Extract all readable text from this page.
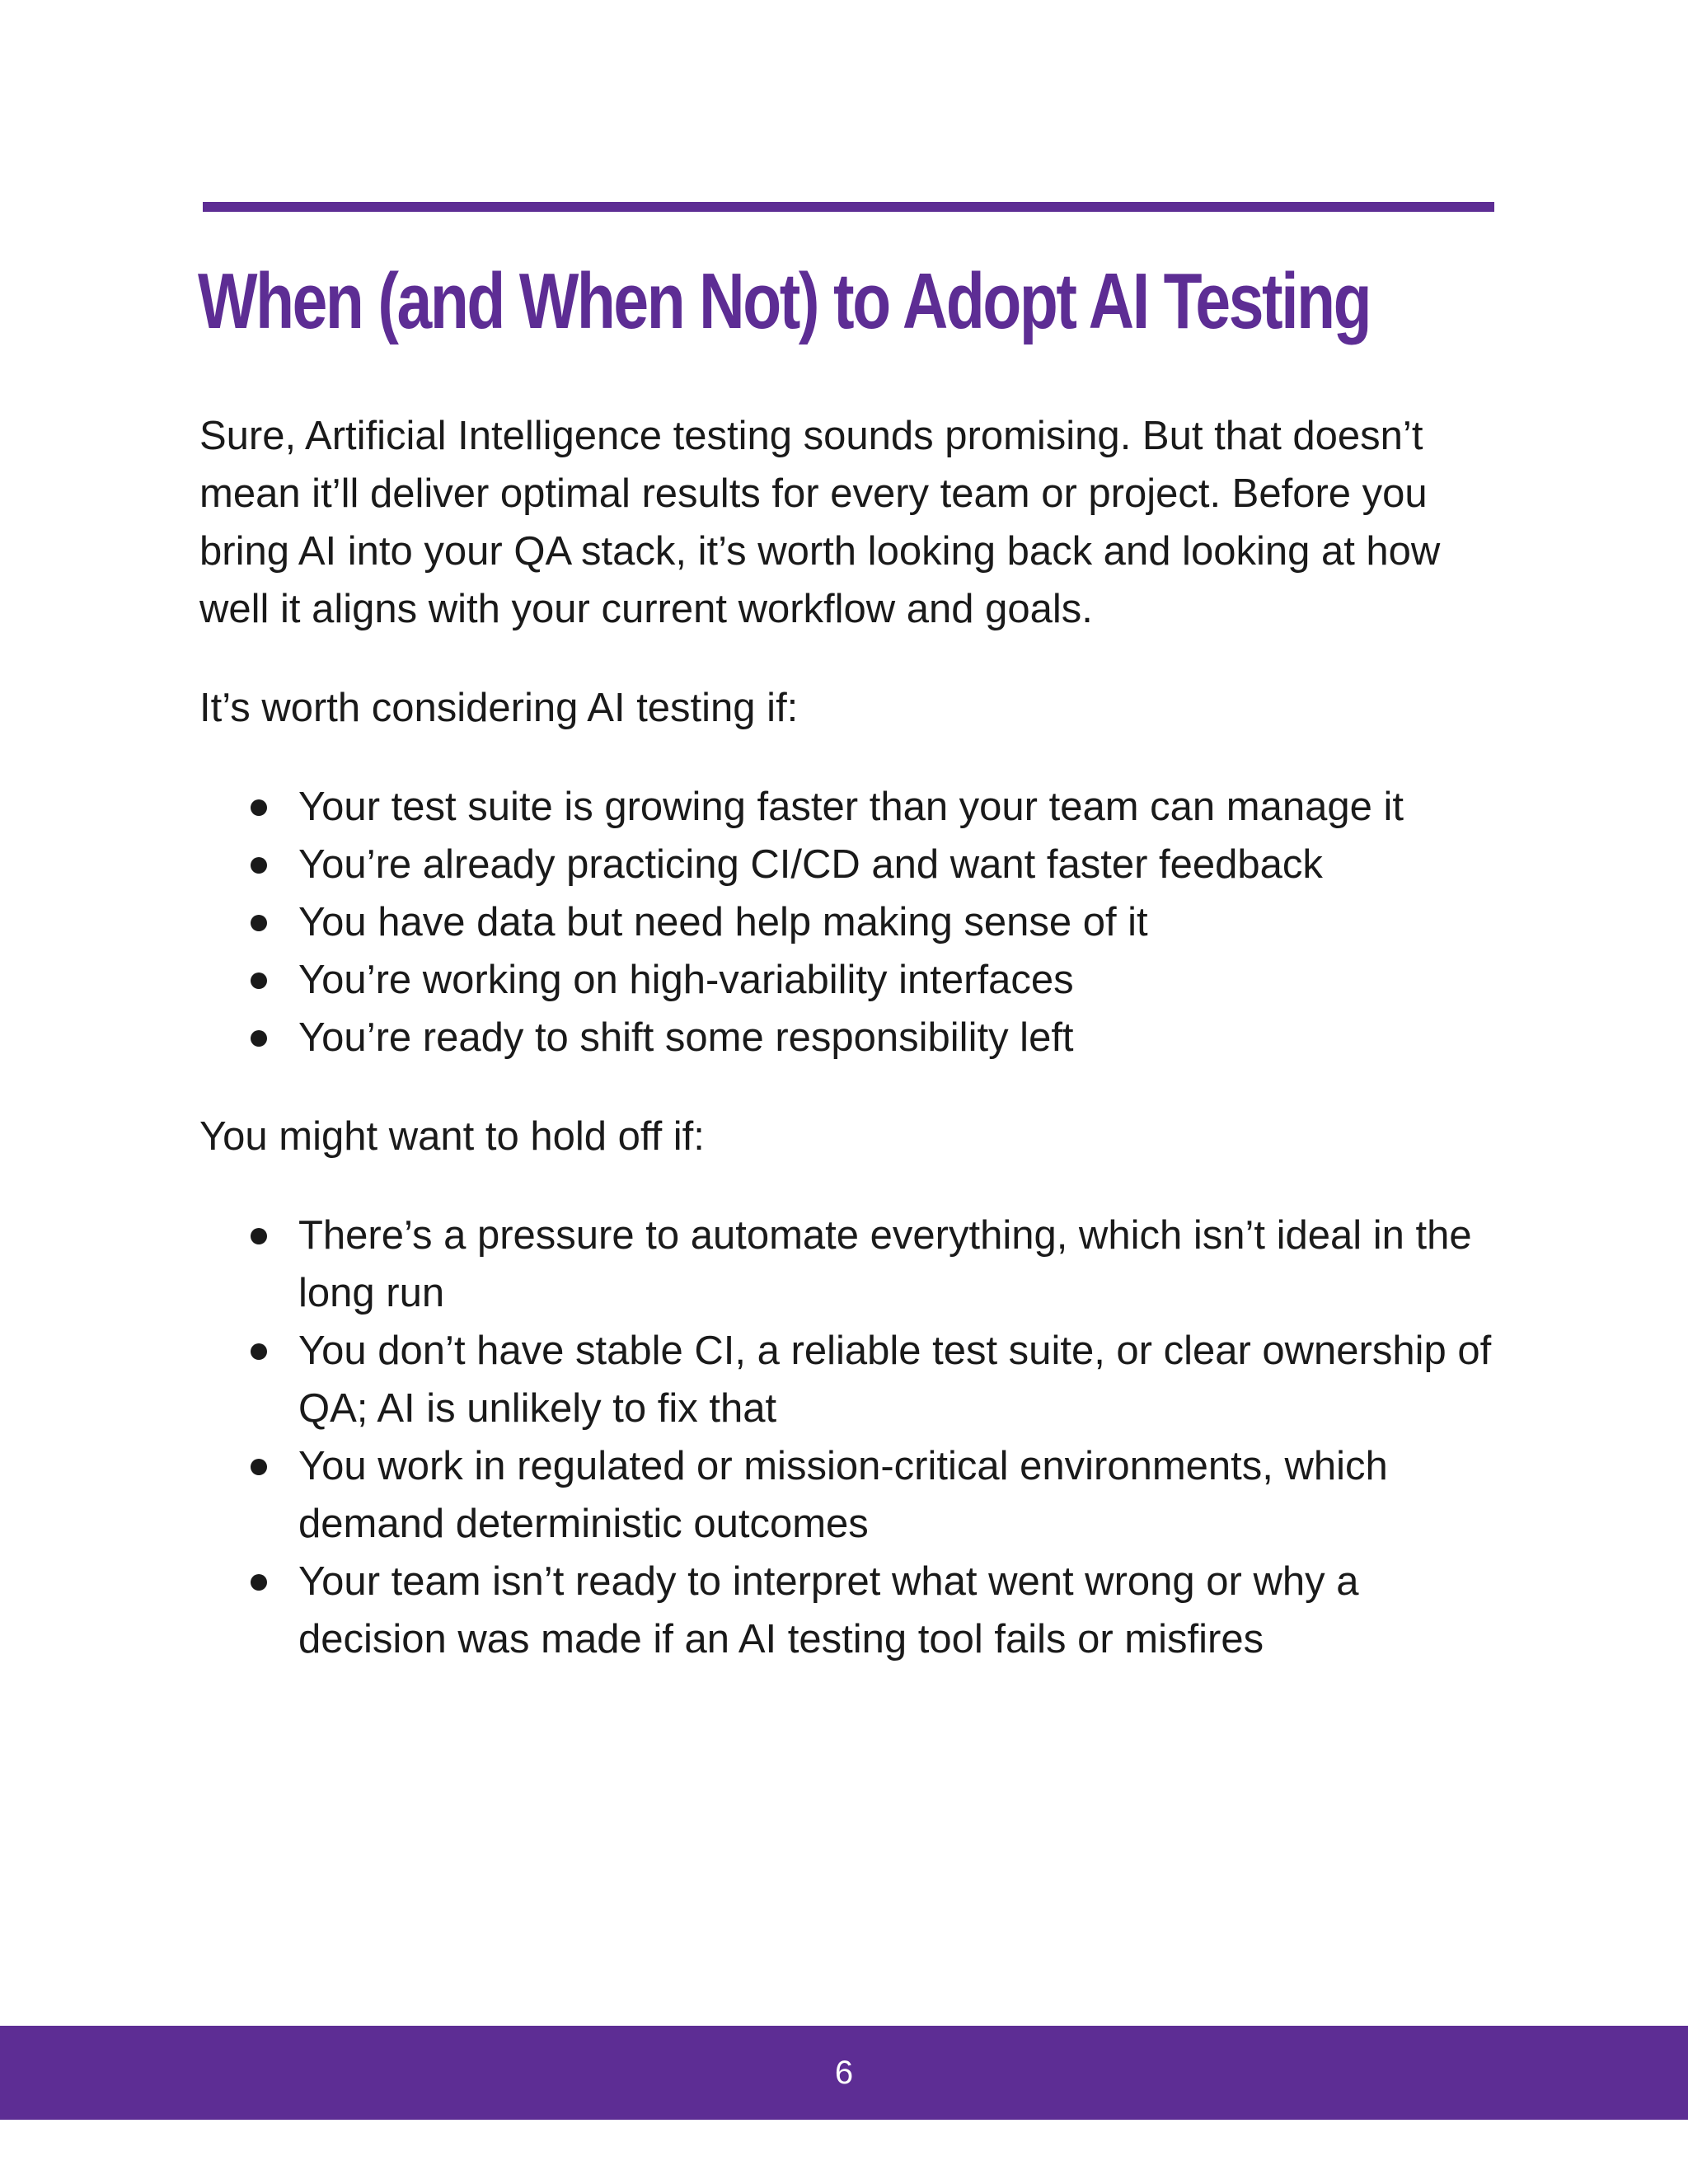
When (and When Not) to Adopt AI Testing

Sure, Artificial Intelligence testing sounds promising. But that doesn’t mean it’ll deliver optimal results for every team or project. Before you bring AI into your QA stack, it’s worth looking back and looking at how well it aligns with your current workflow and goals.

It’s worth considering AI testing if:

Your test suite is growing faster than your team can manage it
You’re already practicing CI/CD and want faster feedback
You have data but need help making sense of it
You’re working on high-variability interfaces
You’re ready to shift some responsibility left

You might want to hold off if:

There’s a pressure to automate everything, which isn’t ideal in the long run
You don’t have stable CI, a reliable test suite, or clear ownership of QA; AI is unlikely to fix that
You work in regulated or mission-critical environments, which demand deterministic outcomes
Your team isn’t ready to interpret what went wrong or why a decision was made if an AI testing tool fails or misfires
6
